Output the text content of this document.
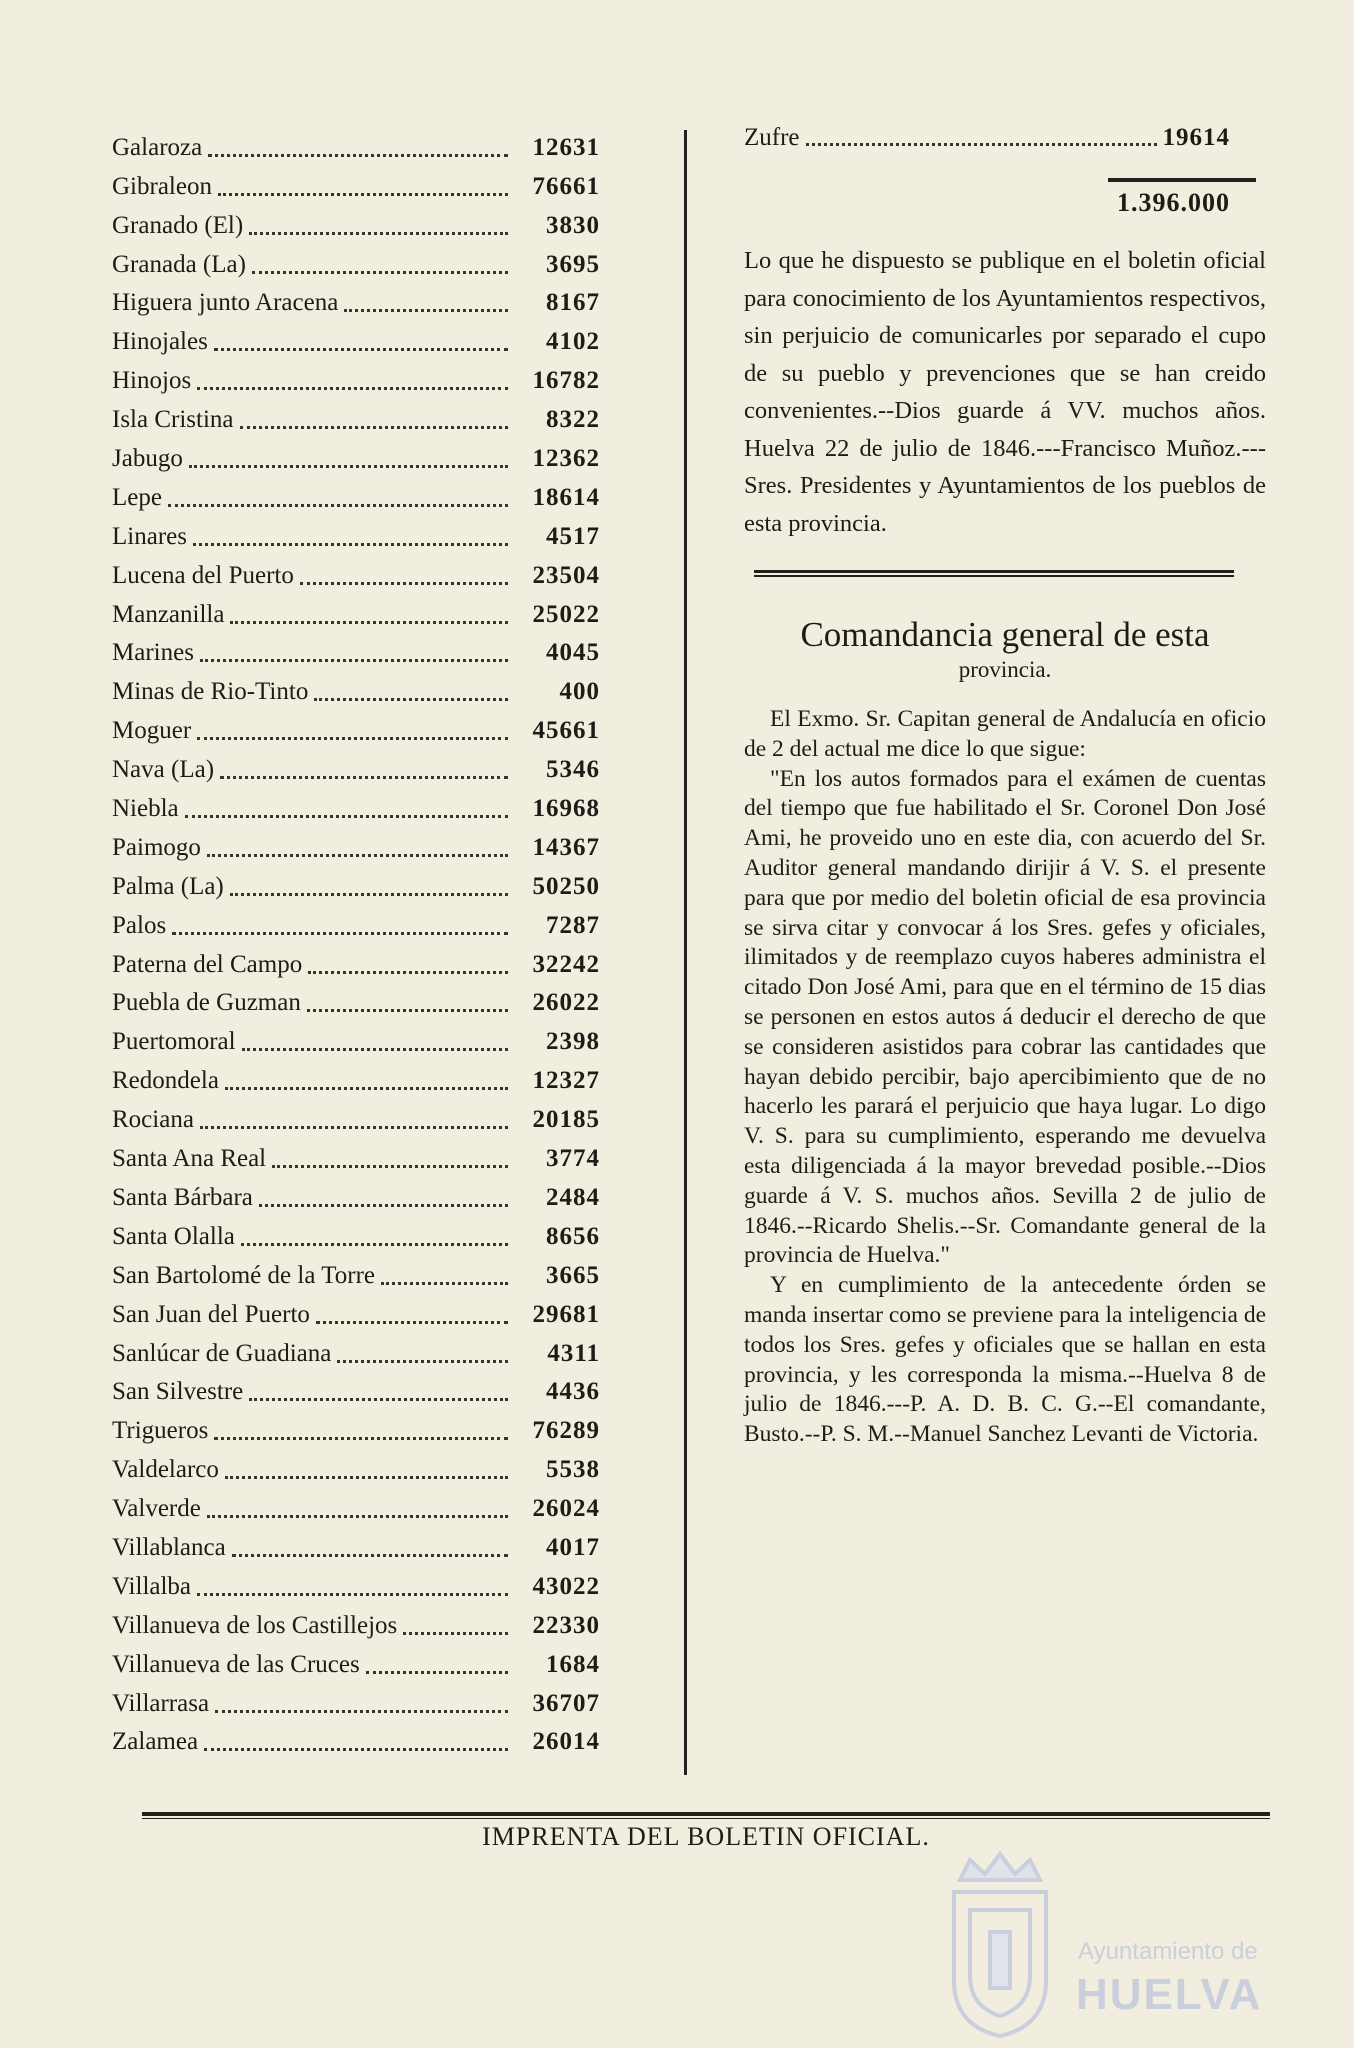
Galaroza	12631
Gibraleon	76661
Granado (El)	3830
Granada (La)	3695
Higuera junto Aracena	8167
Hinojales	4102
Hinojos	16782
Isla Cristina	8322
Jabugo	12362
Lepe	18614
Linares	4517
Lucena del Puerto	23504
Manzanilla	25022
Marines	4045
Minas de Rio-Tinto	400
Moguer	45661
Nava (La)	5346
Niebla	16968
Paimogo	14367
Palma (La)	50250
Palos	7287
Paterna del Campo	32242
Puebla de Guzman	26022
Puertomoral	2398
Redondela	12327
Rociana	20185
Santa Ana Real	3774
Santa Bárbara	2484
Santa Olalla	8656
San Bartolomé de la Torre	3665
San Juan del Puerto	29681
Sanlúcar de Guadiana	4311
San Silvestre	4436
Trigueros	76289
Valdelarco	5538
Valverde	26024
Villablanca	4017
Villalba	43022
Villanueva de los Castillejos	22330
Villanueva de las Cruces	1684
Villarrasa	36707
Zalamea	26014
Zufre	19614
1.396.000

Lo que he dispuesto se publique en el boletin oficial para conocimiento de los Ayuntamientos respectivos, sin perjuicio de comunicarles por separado el cupo de su pueblo y prevenciones que se han creido convenientes.--Dios guarde á VV. muchos años. Huelva 22 de julio de 1846.---Francisco Muñoz.---Sres. Presidentes y Ayuntamientos de los pueblos de esta provincia.

Comandancia general de esta
provincia.

El Exmo. Sr. Capitan general de Andalucía en oficio de 2 del actual me dice lo que sigue:

"En los autos formados para el exámen de cuentas del tiempo que fue habilitado el Sr. Coronel Don José Ami, he proveido uno en este dia, con acuerdo del Sr. Auditor general mandando dirijir á V. S. el presente para que por medio del boletin oficial de esa provincia se sirva citar y convocar á los Sres. gefes y oficiales, ilimitados y de reemplazo cuyos haberes administra el citado Don José Ami, para que en el término de 15 dias se personen en estos autos á deducir el derecho de que se consideren asistidos para cobrar las cantidades que hayan debido percibir, bajo apercibimiento que de no hacerlo les parará el perjuicio que haya lugar. Lo digo V. S. para su cumplimiento, esperando me devuelva esta diligenciada á la mayor brevedad posible.--Dios guarde á V. S. muchos años. Sevilla 2 de julio de 1846.--Ricardo Shelis.--Sr. Comandante general de la provincia de Huelva."

Y en cumplimiento de la antecedente órden se manda insertar como se previene para la inteligencia de todos los Sres. gefes y oficiales que se hallan en esta provincia, y les corresponda la misma.--Huelva 8 de julio de 1846.---P. A. D. B. C. G.--El comandante, Busto.--P. S. M.--Manuel Sanchez Levanti de Victoria.

IMPRENTA DEL BOLETIN OFICIAL.
Ayuntamiento de
HUELVA
